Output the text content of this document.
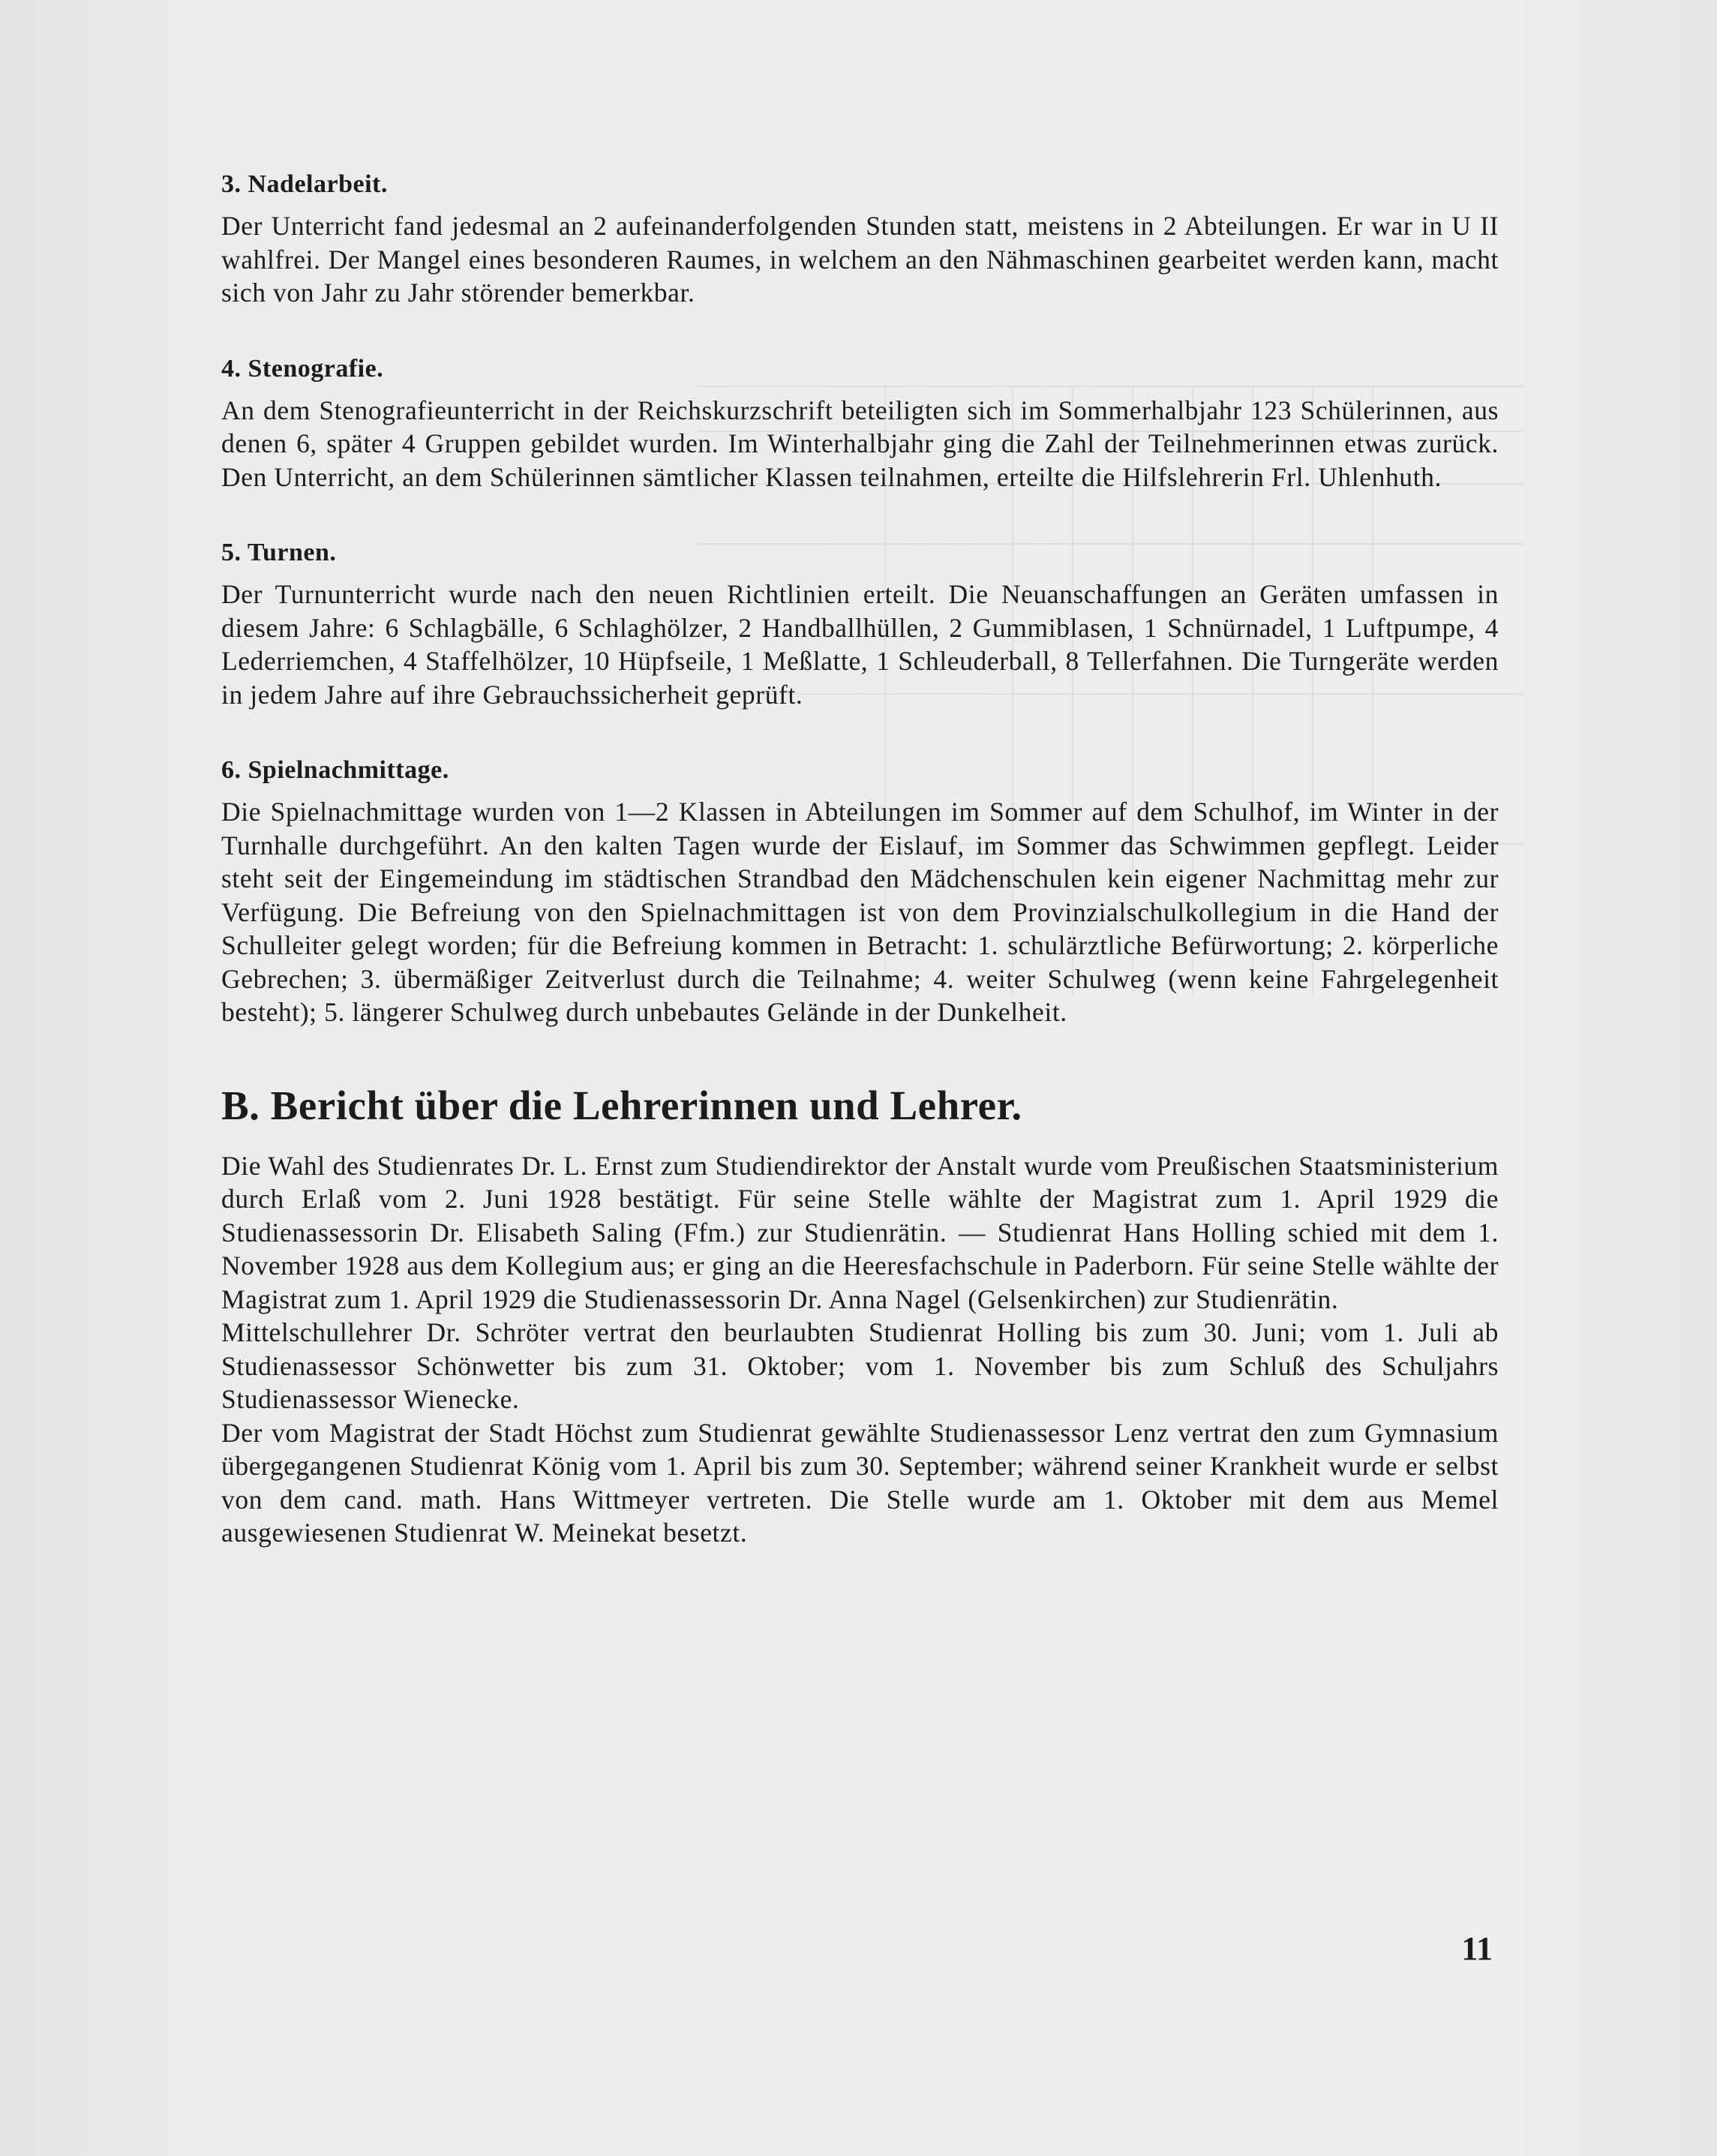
3. Nadelarbeit.

Der Unterricht fand jedesmal an 2 aufeinanderfolgenden Stunden statt, meistens in 2 Abteilungen. Er war in U II wahlfrei. Der Mangel eines besonderen Raumes, in welchem an den Nähmaschinen gearbeitet werden kann, macht sich von Jahr zu Jahr störender bemerkbar.

4. Stenografie.

An dem Stenografieunterricht in der Reichskurzschrift beteiligten sich im Sommerhalbjahr 123 Schülerinnen, aus denen 6, später 4 Gruppen gebildet wurden. Im Winterhalbjahr ging die Zahl der Teilnehmerinnen etwas zurück. Den Unterricht, an dem Schülerinnen sämtlicher Klassen teilnahmen, erteilte die Hilfslehrerin Frl. Uhlenhuth.

5. Turnen.

Der Turnunterricht wurde nach den neuen Richtlinien erteilt. Die Neuanschaffungen an Geräten umfassen in diesem Jahre: 6 Schlagbälle, 6 Schlaghölzer, 2 Handballhüllen, 2 Gummiblasen, 1 Schnürnadel, 1 Luftpumpe, 4 Lederriemchen, 4 Staffelhölzer, 10 Hüpfseile, 1 Meßlatte, 1 Schleuderball, 8 Tellerfahnen. Die Turngeräte werden in jedem Jahre auf ihre Gebrauchssicherheit geprüft.

6. Spielnachmittage.

Die Spielnachmittage wurden von 1—2 Klassen in Abteilungen im Sommer auf dem Schulhof, im Winter in der Turnhalle durchgeführt. An den kalten Tagen wurde der Eislauf, im Sommer das Schwimmen gepflegt. Leider steht seit der Eingemeindung im städtischen Strandbad den Mädchenschulen kein eigener Nachmittag mehr zur Verfügung. Die Befreiung von den Spielnachmittagen ist von dem Provinzialschulkollegium in die Hand der Schulleiter gelegt worden; für die Befreiung kommen in Betracht: 1. schulärztliche Befürwortung; 2. körperliche Gebrechen; 3. übermäßiger Zeitverlust durch die Teilnahme; 4. weiter Schulweg (wenn keine Fahrgelegenheit besteht); 5. längerer Schulweg durch unbebautes Gelände in der Dunkelheit.

B. Bericht über die Lehrerinnen und Lehrer.

Die Wahl des Studienrates Dr. L. Ernst zum Studiendirektor der Anstalt wurde vom Preußischen Staatsministerium durch Erlaß vom 2. Juni 1928 bestätigt. Für seine Stelle wählte der Magistrat zum 1. April 1929 die Studienassessorin Dr. Elisabeth Saling (Ffm.) zur Studienrätin. — Studienrat Hans Holling schied mit dem 1. November 1928 aus dem Kollegium aus; er ging an die Heeresfachschule in Paderborn. Für seine Stelle wählte der Magistrat zum 1. April 1929 die Studienassessorin Dr. Anna Nagel (Gelsenkirchen) zur Studienrätin.

Mittelschullehrer Dr. Schröter vertrat den beurlaubten Studienrat Holling bis zum 30. Juni; vom 1. Juli ab Studienassessor Schönwetter bis zum 31. Oktober; vom 1. November bis zum Schluß des Schuljahrs Studienassessor Wienecke.

Der vom Magistrat der Stadt Höchst zum Studienrat gewählte Studienassessor Lenz vertrat den zum Gymnasium übergegangenen Studienrat König vom 1. April bis zum 30. September; während seiner Krankheit wurde er selbst von dem cand. math. Hans Wittmeyer vertreten. Die Stelle wurde am 1. Oktober mit dem aus Memel ausgewiesenen Studienrat W. Meinekat besetzt.

11
